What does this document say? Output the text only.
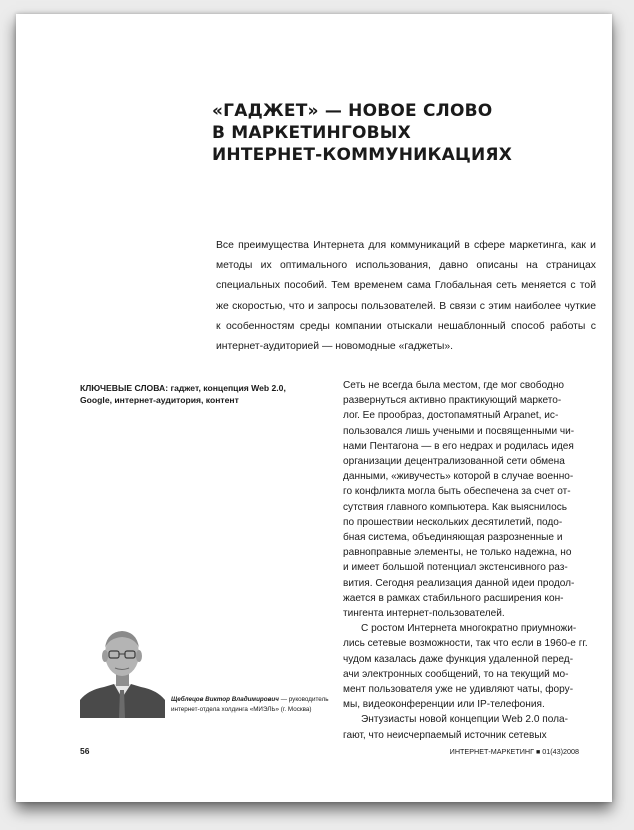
«ГАДЖЕТ» — НОВОЕ СЛОВО
В МАРКЕТИНГОВЫХ
ИНТЕРНЕТ-КОММУНИКАЦИЯХ

Все преимущества Интернета для коммуникаций в сфере маркетинга, как и методы их оптимального использования, давно описаны на страницах специальных пособий. Тем временем сама Глобальная сеть меняется с той же скоростью, что и запросы пользователей. В связи с этим наиболее чуткие к особенностям среды компании отыскали нешаблонный способ работы с интернет-аудиторией — новомодные «гаджеты».

КЛЮЧЕВЫЕ СЛОВА: гаджет, концепция Web 2.0, Google, интернет-аудитория, контент

Сеть не всегда была местом, где мог свободно
развернуться активно практикующий маркето-
лог. Ее прообраз, достопамятный Arpanet, ис-
пользовался лишь учеными и посвященными чи-
нами Пентагона — в его недрах и родилась идея
организации децентрализованной сети обмена
данными, «живучесть» которой в случае военно-
го конфликта могла быть обеспечена за счет от-
сутствия главного компьютера. Как выяснилось
по прошествии нескольких десятилетий, подо-
бная система, объединяющая разрозненные и
равноправные элементы, не только надежна, но
и имеет большой потенциал экстенсивного раз-
вития. Сегодня реализация данной идеи продол-
жается в рамках стабильного расширения кон-
тингента интернет-пользователей.
С ростом Интернета многократно приумножи-
лись сетевые возможности, так что если в 1960-е гг.
чудом казалась даже функция удаленной перед-
ачи электронных сообщений, то на текущий мо-
мент пользователя уже не удивляют чаты, фору-
мы, видеоконференции или IP-телефония.
Энтузиасты новой концепции Web 2.0 пола-
гают, что неисчерпаемый источник сетевых

Щеблецов Виктор Владимирович — руководитель интернет-отдела холдинга «МИЭЛЬ» (г. Москва)

56	ИНТЕРНЕТ-МАРКЕТИНГ ■ 01(43)2008
